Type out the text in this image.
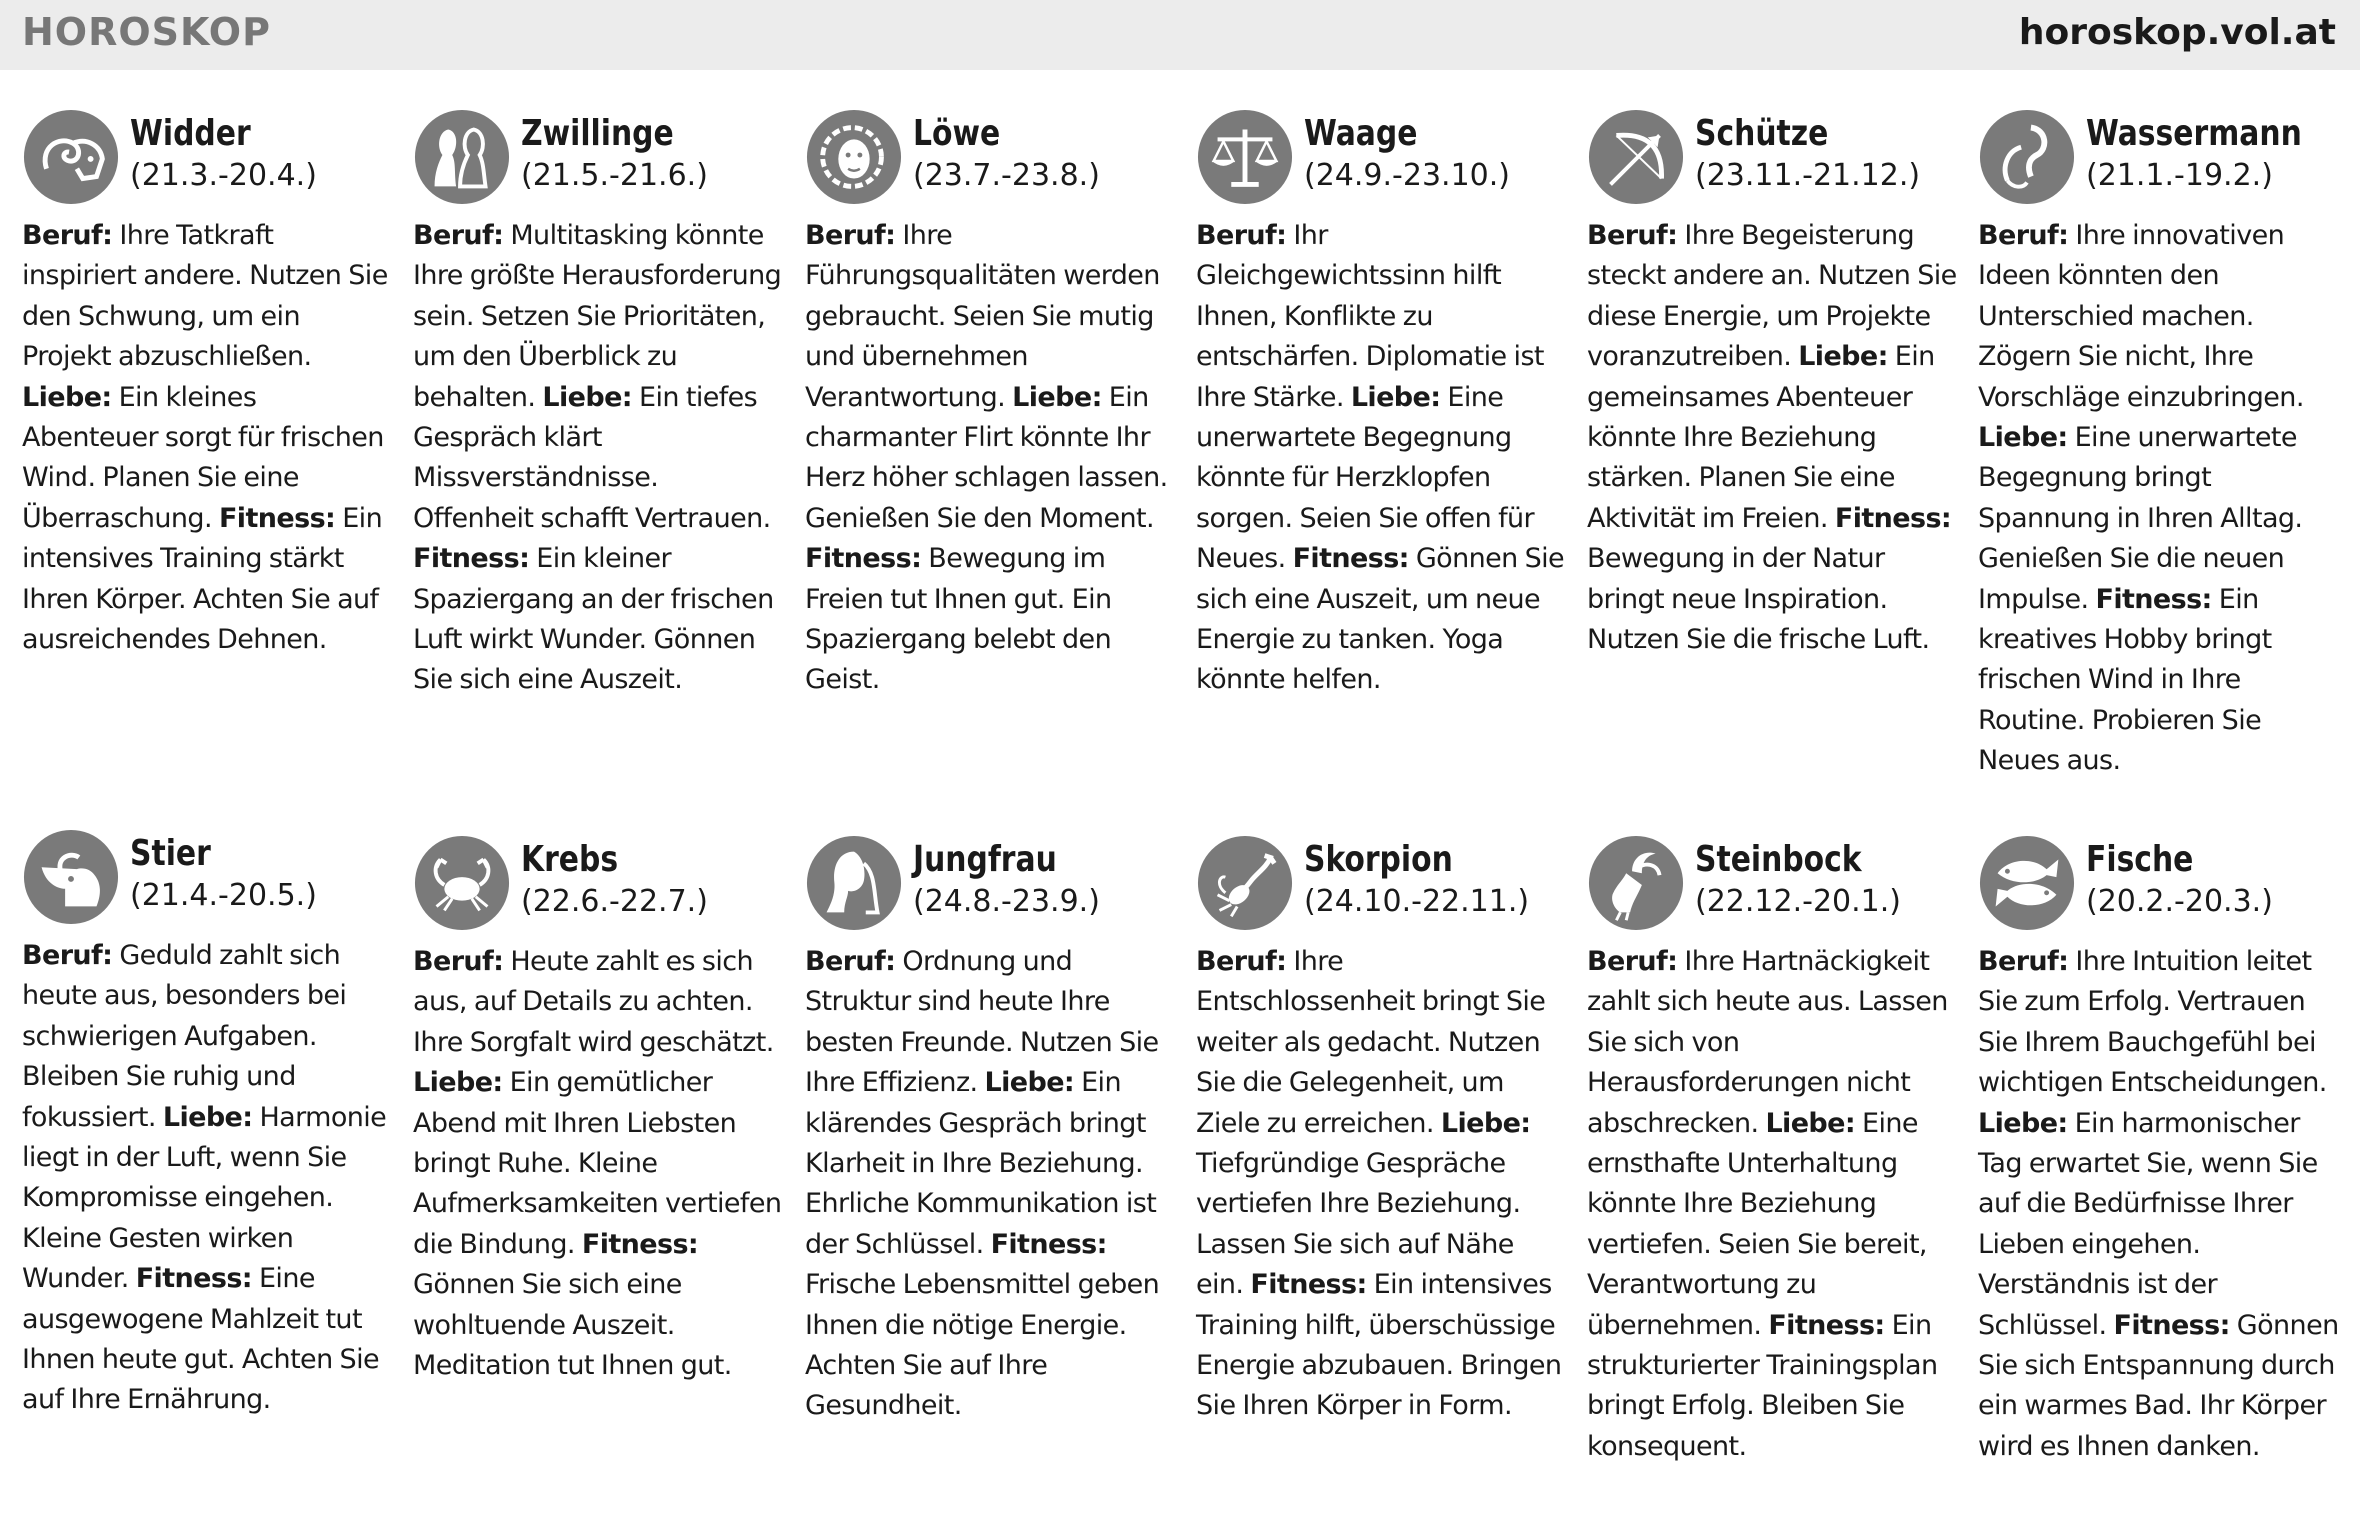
HOROSKOP	horoskop.vol.at
Widder
(21.3.-20.4.)
Beruf: Ihre Tatkraft inspiriert andere. Nutzen Sie den Schwung, um ein Projekt abzuschließen. Liebe: Ein kleines Abenteuer sorgt für frischen Wind. Planen Sie eine Überraschung. Fitness: Ein intensives Training stärkt Ihren Körper. Achten Sie auf ausreichendes Dehnen.
Zwillinge
(21.5.-21.6.)
Beruf: Multitasking könnte Ihre größte Herausforderung sein. Setzen Sie Prioritäten, um den Überblick zu behalten. Liebe: Ein tiefes Gespräch klärt Missverständnisse. Offenheit schafft Vertrauen. Fitness: Ein kleiner Spaziergang an der frischen Luft wirkt Wunder. Gönnen Sie sich eine Auszeit.
Löwe
(23.7.-23.8.)
Beruf: Ihre Führungsqualitäten werden gebraucht. Seien Sie mutig und übernehmen Verantwortung. Liebe: Ein charmanter Flirt könnte Ihr Herz höher schlagen lassen. Genießen Sie den Moment. Fitness: Bewegung im Freien tut Ihnen gut. Ein Spaziergang belebt den Geist.
Waage
(24.9.-23.10.)
Beruf: Ihr Gleichgewichtssinn hilft Ihnen, Konflikte zu entschärfen. Diplomatie ist Ihre Stärke. Liebe: Eine unerwartete Begegnung könnte für Herzklopfen sorgen. Seien Sie offen für Neues. Fitness: Gönnen Sie sich eine Auszeit, um neue Energie zu tanken. Yoga könnte helfen.
Schütze
(23.11.-21.12.)
Beruf: Ihre Begeisterung steckt andere an. Nutzen Sie diese Energie, um Projekte voranzutreiben. Liebe: Ein gemeinsames Abenteuer könnte Ihre Beziehung stärken. Planen Sie eine Aktivität im Freien. Fitness: Bewegung in der Natur bringt neue Inspiration. Nutzen Sie die frische Luft.
Wassermann
(21.1.-19.2.)
Beruf: Ihre innovativen Ideen könnten den Unterschied machen. Zögern Sie nicht, Ihre Vorschläge einzubringen. Liebe: Eine unerwartete Begegnung bringt Spannung in Ihren Alltag. Genießen Sie die neuen Impulse. Fitness: Ein kreatives Hobby bringt frischen Wind in Ihre Routine. Probieren Sie Neues aus.
Stier
(21.4.-20.5.)
Beruf: Geduld zahlt sich heute aus, besonders bei schwierigen Aufgaben. Bleiben Sie ruhig und fokussiert. Liebe: Harmonie liegt in der Luft, wenn Sie Kompromisse eingehen. Kleine Gesten wirken Wunder. Fitness: Eine ausgewogene Mahlzeit tut Ihnen heute gut. Achten Sie auf Ihre Ernährung.
Krebs
(22.6.-22.7.)
Beruf: Heute zahlt es sich aus, auf Details zu achten. Ihre Sorgfalt wird geschätzt. Liebe: Ein gemütlicher Abend mit Ihren Liebsten bringt Ruhe. Kleine Aufmerksamkeiten vertiefen die Bindung. Fitness: Gönnen Sie sich eine wohltuende Auszeit. Meditation tut Ihnen gut.
Jungfrau
(24.8.-23.9.)
Beruf: Ordnung und Struktur sind heute Ihre besten Freunde. Nutzen Sie Ihre Effizienz. Liebe: Ein klärendes Gespräch bringt Klarheit in Ihre Beziehung. Ehrliche Kommunikation ist der Schlüssel. Fitness: Frische Lebensmittel geben Ihnen die nötige Energie. Achten Sie auf Ihre Gesundheit.
Skorpion
(24.10.-22.11.)
Beruf: Ihre Entschlossenheit bringt Sie weiter als gedacht. Nutzen Sie die Gelegenheit, um Ziele zu erreichen. Liebe: Tiefgründige Gespräche vertiefen Ihre Beziehung. Lassen Sie sich auf Nähe ein. Fitness: Ein intensives Training hilft, überschüssige Energie abzubauen. Bringen Sie Ihren Körper in Form.
Steinbock
(22.12.-20.1.)
Beruf: Ihre Hartnäckigkeit zahlt sich heute aus. Lassen Sie sich von Herausforderungen nicht abschrecken. Liebe: Eine ernsthafte Unterhaltung könnte Ihre Beziehung vertiefen. Seien Sie bereit, Verantwortung zu übernehmen. Fitness: Ein strukturierter Trainingsplan bringt Erfolg. Bleiben Sie konsequent.
Fische
(20.2.-20.3.)
Beruf: Ihre Intuition leitet Sie zum Erfolg. Vertrauen Sie Ihrem Bauchgefühl bei wichtigen Entscheidungen. Liebe: Ein harmonischer Tag erwartet Sie, wenn Sie auf die Bedürfnisse Ihrer Lieben eingehen. Verständnis ist der Schlüssel. Fitness: Gönnen Sie sich Entspannung durch ein warmes Bad. Ihr Körper wird es Ihnen danken.
